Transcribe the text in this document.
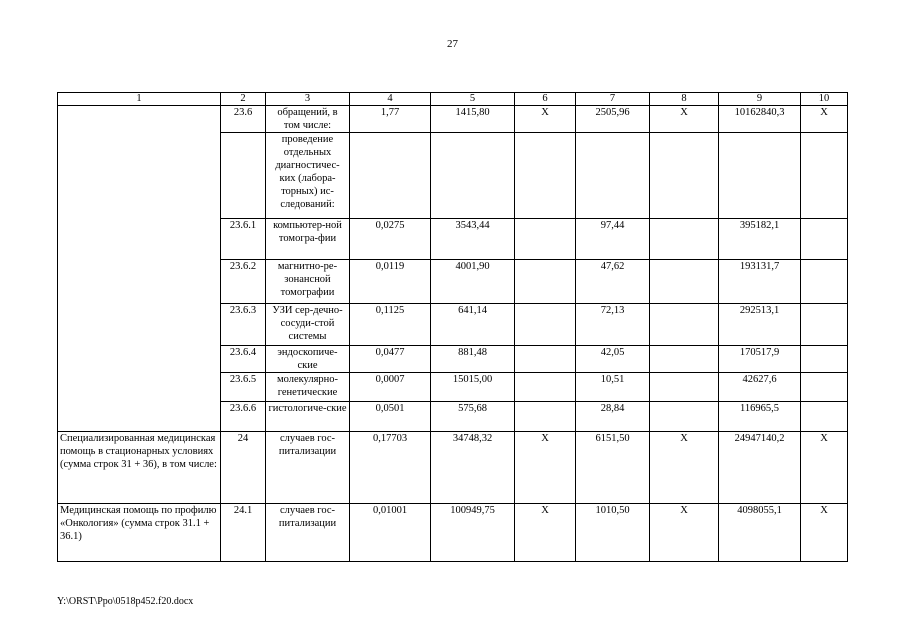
27
1	2	3	4	5	6	7	8	9	10
	23.6	обращений, в том числе:	1,77	1415,80	Х	2505,96	Х	10162840,3	Х
		проведение отдельных диагностичес-ких (лабора-торных) ис-следований:							
	23.6.1	компьютер-ной томогра-фии	0,0275	3543,44		97,44		395182,1	
	23.6.2	магнитно-ре-зонансной томографии	0,0119	4001,90		47,62		193131,7	
	23.6.3	УЗИ сер-дечно-сосуди-стой системы	0,1125	641,14		72,13		292513,1	
	23.6.4	эндоскопиче-ские	0,0477	881,48		42,05		170517,9	
	23.6.5	молекулярно-генетические	0,0007	15015,00		10,51		42627,6	
	23.6.6	гистологиче-ские	0,0501	575,68		28,84		116965,5	
Специализированная медицинская помощь в стационарных условиях (сумма строк 31 + 36), в том числе:	24	случаев гос-питализации	0,17703	34748,32	Х	6151,50	Х	24947140,2	Х
Медицинская помощь по профилю «Онкология» (сумма строк 31.1 + 36.1)	24.1	случаев гос-питализации	0,01001	100949,75	Х	1010,50	Х	4098055,1	Х
Y:\ORST\Ppo\0518p452.f20.docx
